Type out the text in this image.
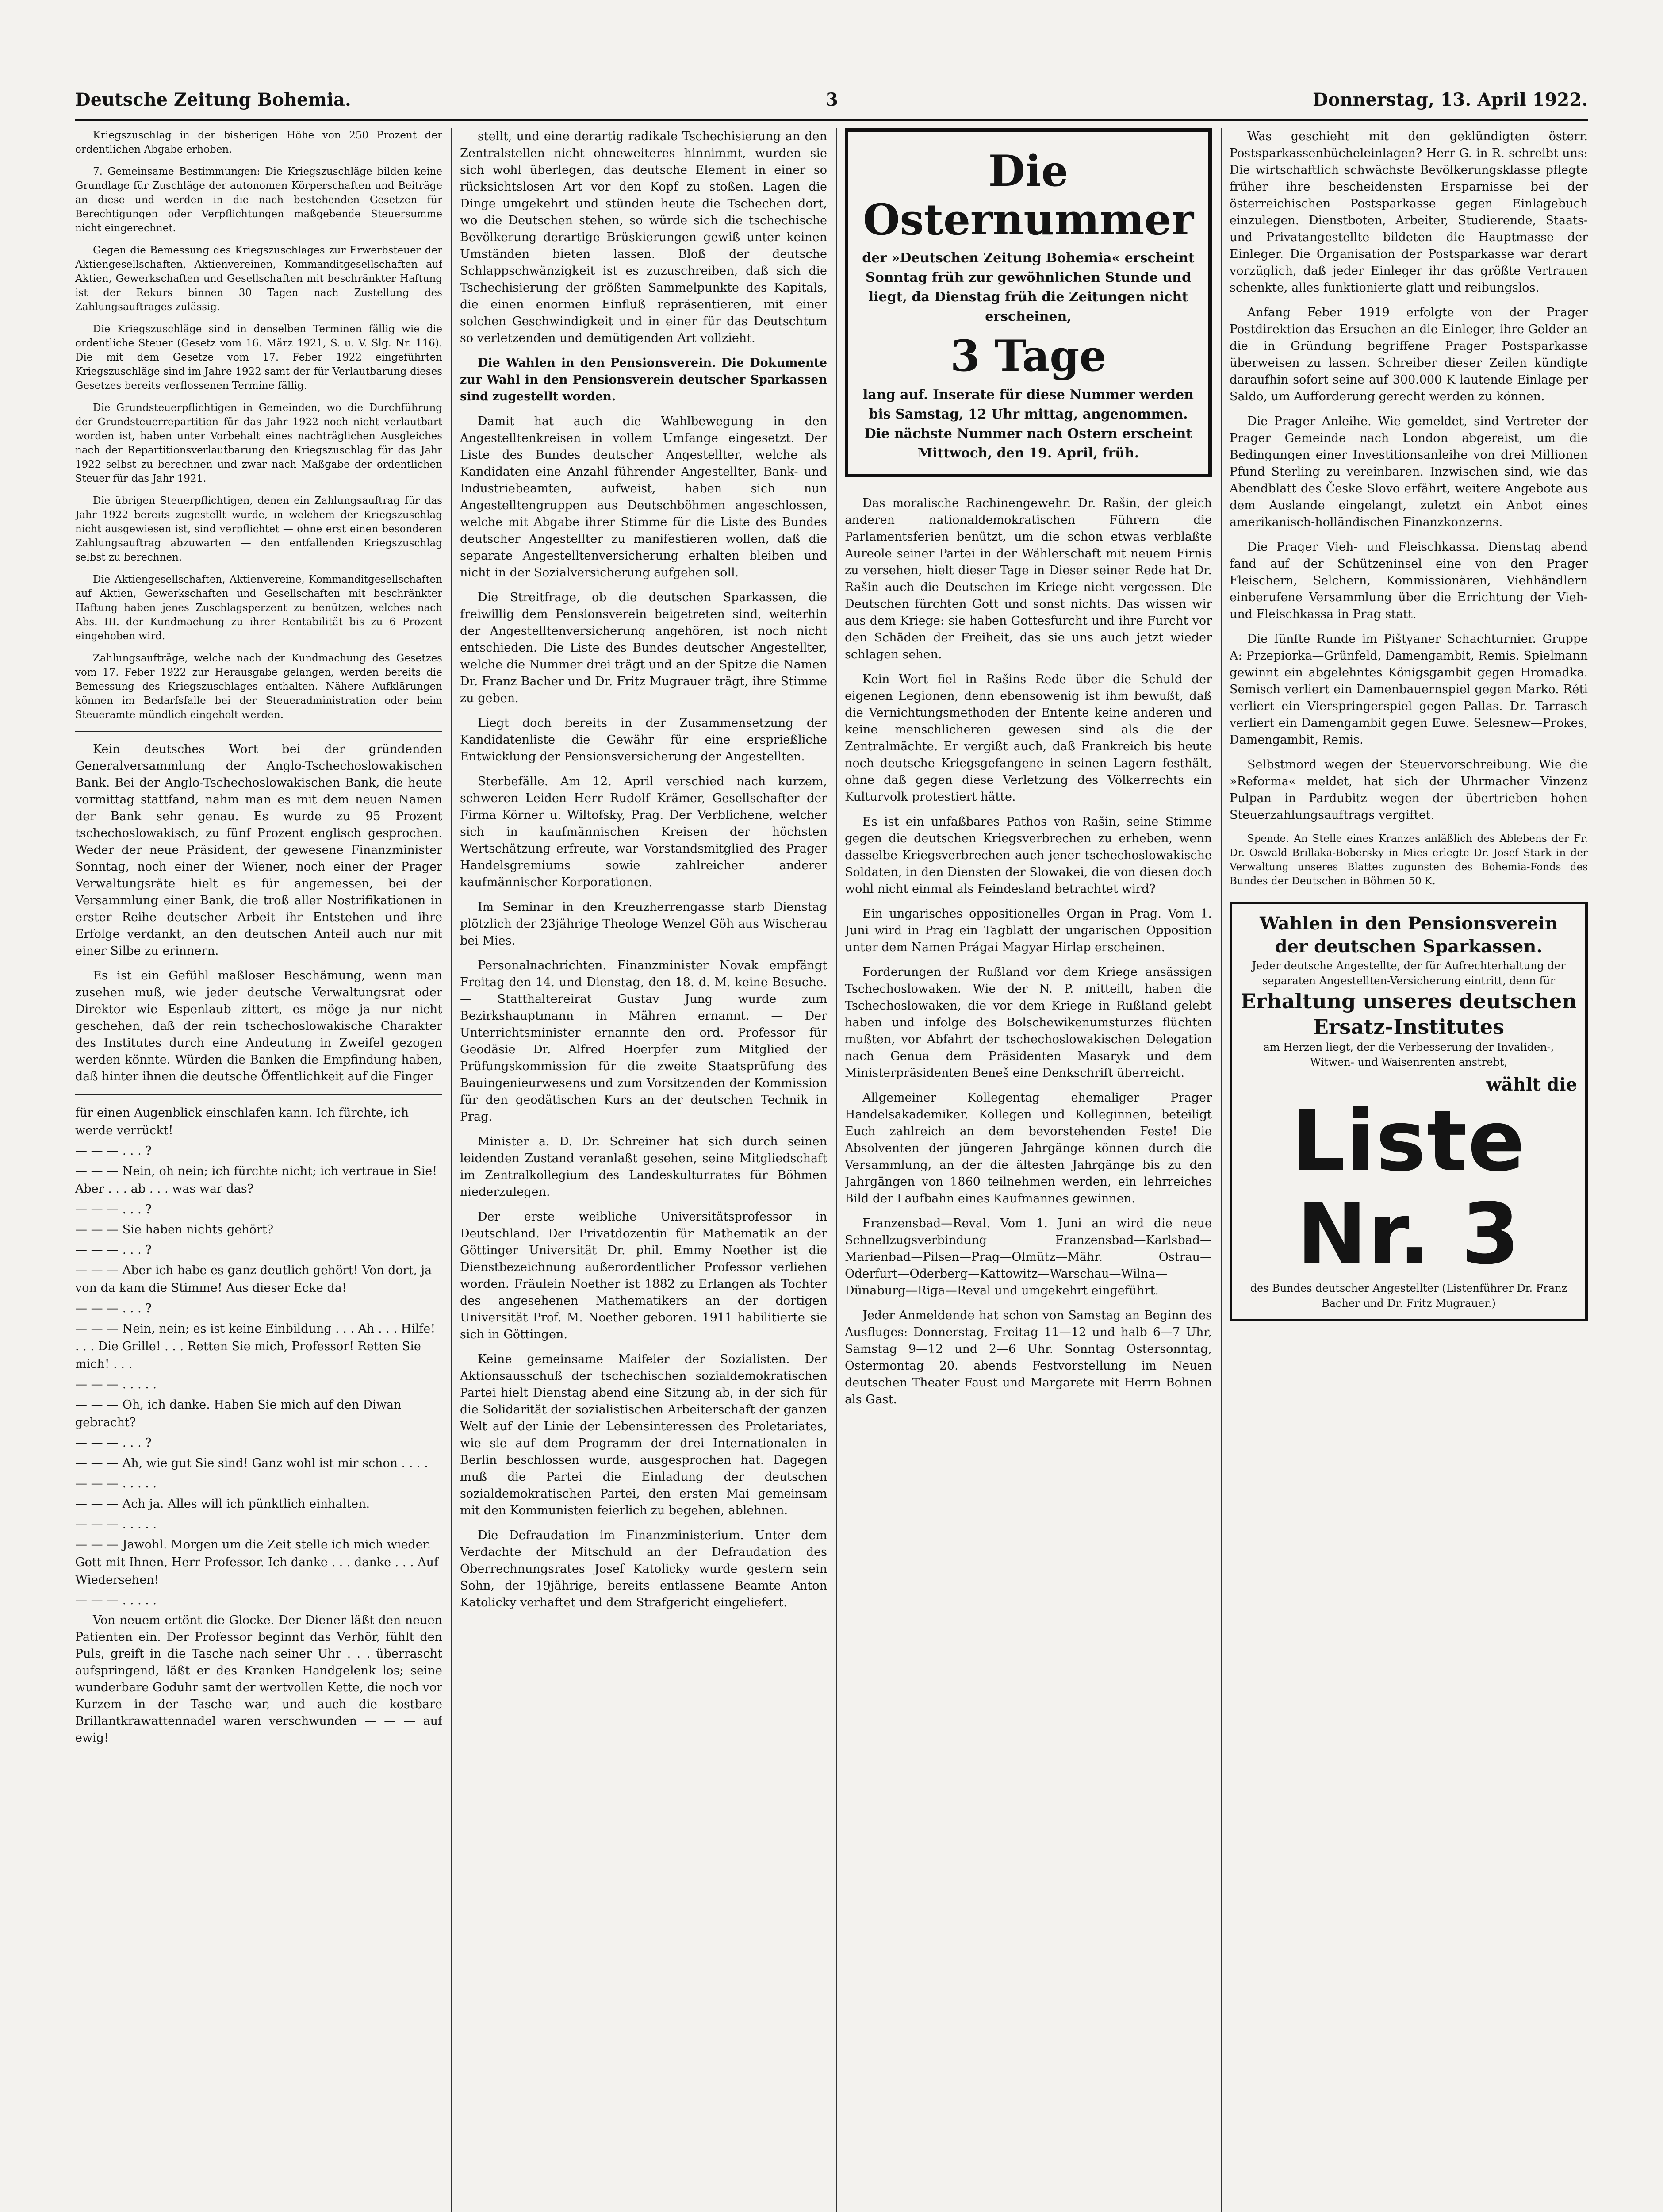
Deutsche Zeitung Bohemia.	3	Donnerstag, 13. April 1922.

Kriegszuschlag in der bisherigen Höhe von 250 Prozent der ordentlichen Abgabe erhoben.

7. Gemeinsame Bestimmungen: Die Kriegszuschläge bilden keine Grundlage für Zuschläge der autonomen Körperschaften und Beiträge an diese und werden in die nach bestehenden Gesetzen für Berechtigungen oder Verpflichtungen maßgebende Steuersumme nicht eingerechnet.

Gegen die Bemessung des Kriegszuschlages zur Erwerbsteuer der Aktiengesellschaften, Aktienvereinen, Kommanditgesellschaften auf Aktien, Gewerkschaften und Gesellschaften mit beschränkter Haftung ist der Rekurs binnen 30 Tagen nach Zustellung des Zahlungsauftrages zulässig.

Die Kriegszuschläge sind in denselben Terminen fällig wie die ordentliche Steuer (Gesetz vom 16. März 1921, S. u. V. Slg. Nr. 116). Die mit dem Gesetze vom 17. Feber 1922 eingeführten Kriegszuschläge sind im Jahre 1922 samt der für Verlautbarung dieses Gesetzes bereits verflossenen Termine fällig.

Die Grundsteuerpflichtigen in Gemeinden, wo die Durchführung der Grundsteuerrepartition für das Jahr 1922 noch nicht verlautbart worden ist, haben unter Vorbehalt eines nachträglichen Ausgleiches nach der Repartitionsverlautbarung den Kriegszuschlag für das Jahr 1922 selbst zu berechnen und zwar nach Maßgabe der ordentlichen Steuer für das Jahr 1921.

Die übrigen Steuerpflichtigen, denen ein Zahlungsauftrag für das Jahr 1922 bereits zugestellt wurde, in welchem der Kriegszuschlag nicht ausgewiesen ist, sind verpflichtet — ohne erst einen besonderen Zahlungsauftrag abzuwarten — den entfallenden Kriegszuschlag selbst zu berechnen.

Die Aktiengesellschaften, Aktienvereine, Kommanditgesellschaften auf Aktien, Gewerkschaften und Gesellschaften mit beschränkter Haftung haben jenes Zuschlagsperzent zu benützen, welches nach Abs. III. der Kundmachung zu ihrer Rentabilität bis zu 6 Prozent eingehoben wird.

Zahlungsaufträge, welche nach der Kundmachung des Gesetzes vom 17. Feber 1922 zur Herausgabe gelangen, werden bereits die Bemessung des Kriegszuschlages enthalten. Nähere Aufklärungen können im Bedarfsfalle bei der Steueradministration oder beim Steueramte mündlich eingeholt werden.

Kein deutsches Wort bei der gründenden Generalversammlung der Anglo-Tschechoslowakischen Bank. Bei der Anglo-Tschechoslowakischen Bank, die heute vormittag stattfand, nahm man es mit dem neuen Namen der Bank sehr genau. Es wurde zu 95 Prozent tschechoslowakisch, zu fünf Prozent englisch gesprochen. Weder der neue Präsident, der gewesene Finanzminister Sonntag, noch einer der Wiener, noch einer der Prager Verwaltungsräte hielt es für angemessen, bei der Versammlung einer Bank, die troß aller Nostrifikationen in erster Reihe deutscher Arbeit ihr Entstehen und ihre Erfolge verdankt, an den deutschen Anteil auch nur mit einer Silbe zu erinnern.

Es ist ein Gefühl maßloser Beschämung, wenn man zusehen muß, wie jeder deutsche Verwaltungsrat oder Direktor wie Espenlaub zittert, es möge ja nur nicht geschehen, daß der rein tschechoslowakische Charakter des Institutes durch eine Andeutung in Zweifel gezogen werden könnte. Würden die Banken die Empfindung haben, daß hinter ihnen die deutsche Öffentlichkeit auf die Finger

für einen Augenblick einschlafen kann. Ich fürchte, ich werde verrückt!

— — — . . . ?

— — — Nein, oh nein; ich fürchte nicht; ich vertraue in Sie! Aber . . . ab . . . was war das?

— — — . . . ?

— — — Sie haben nichts gehört?

— — — . . . ?

— — — Aber ich habe es ganz deutlich gehört! Von dort, ja von da kam die Stimme! Aus dieser Ecke da!

— — — . . . ?

— — — Nein, nein; es ist keine Einbildung . . . Ah . . . Hilfe! . . . Die Grille! . . . Retten Sie mich, Professor! Retten Sie mich! . . .

— — — . . . . .

— — — Oh, ich danke. Haben Sie mich auf den Diwan gebracht?

— — — . . . ?

— — — Ah, wie gut Sie sind! Ganz wohl ist mir schon . . . .

— — — . . . . .

— — — Ach ja. Alles will ich pünktlich einhalten.

— — — . . . . .

— — — Jawohl. Morgen um die Zeit stelle ich mich wieder. Gott mit Ihnen, Herr Professor. Ich danke . . . danke . . . Auf Wiedersehen!

— — — . . . . .

Von neuem ertönt die Glocke. Der Diener läßt den neuen Patienten ein. Der Professor beginnt das Verhör, fühlt den Puls, greift in die Tasche nach seiner Uhr . . . überrascht aufspringend, läßt er des Kranken Handgelenk los; seine wunderbare Goduhr samt der wertvollen Kette, die noch vor Kurzem in der Tasche war, und auch die kostbare Brillantkrawattennadel waren verschwunden — — — auf ewig!

stellt, und eine derartig radikale Tschechisierung an den Zentralstellen nicht ohneweiteres hinnimmt, wurden sie sich wohl überlegen, das deutsche Element in einer so rücksichtslosen Art vor den Kopf zu stoßen. Lagen die Dinge umgekehrt und stünden heute die Tschechen dort, wo die Deutschen stehen, so würde sich die tschechische Bevölkerung derartige Brüskierungen gewiß unter keinen Umständen bieten lassen. Bloß der deutsche Schlappschwänzigkeit ist es zuzuschreiben, daß sich die Tschechisierung der größten Sammelpunkte des Kapitals, die einen enormen Einfluß repräsentieren, mit einer solchen Geschwindigkeit und in einer für das Deutschtum so verletzenden und demütigenden Art vollzieht.

Die Wahlen in den Pensionsverein. Die Dokumente zur Wahl in den Pensionsverein deutscher Sparkassen sind zugestellt worden.

Damit hat auch die Wahlbewegung in den Angestelltenkreisen in vollem Umfange eingesetzt. Der Liste des Bundes deutscher Angestellter, welche als Kandidaten eine Anzahl führender Angestellter, Bank- und Industriebeamten, aufweist, haben sich nun Angestelltengruppen aus Deutschböhmen angeschlossen, welche mit Abgabe ihrer Stimme für die Liste des Bundes deutscher Angestellter zu manifestieren wollen, daß die separate Angestelltenversicherung erhalten bleiben und nicht in der Sozialversicherung aufgehen soll.

Die Streitfrage, ob die deutschen Sparkassen, die freiwillig dem Pensionsverein beigetreten sind, weiterhin der Angestelltenversicherung angehören, ist noch nicht entschieden. Die Liste des Bundes deutscher Angestellter, welche die Nummer drei trägt und an der Spitze die Namen Dr. Franz Bacher und Dr. Fritz Mugrauer trägt, ihre Stimme zu geben.

Liegt doch bereits in der Zusammensetzung der Kandidatenliste die Gewähr für eine ersprießliche Entwicklung der Pensionsversicherung der Angestellten.

Sterbefälle. Am 12. April verschied nach kurzem, schweren Leiden Herr Rudolf Krämer, Gesellschafter der Firma Körner u. Wiltofsky, Prag. Der Verblichene, welcher sich in kaufmännischen Kreisen der höchsten Wertschätzung erfreute, war Vorstandsmitglied des Prager Handelsgremiums sowie zahlreicher anderer kaufmännischer Korporationen.

Im Seminar in den Kreuzherrengasse starb Dienstag plötzlich der 23jährige Theologe Wenzel Göh aus Wischerau bei Mies.

Personalnachrichten. Finanzminister Novak empfängt Freitag den 14. und Dienstag, den 18. d. M. keine Besuche. — Statthaltereirat Gustav Jung wurde zum Bezirkshauptmann in Mähren ernannt. — Der Unterrichtsminister ernannte den ord. Professor für Geodäsie Dr. Alfred Hoerpfer zum Mitglied der Prüfungskommission für die zweite Staatsprüfung des Bauingenieurwesens und zum Vorsitzenden der Kommission für den geodätischen Kurs an der deutschen Technik in Prag.

Minister a. D. Dr. Schreiner hat sich durch seinen leidenden Zustand veranlaßt gesehen, seine Mitgliedschaft im Zentralkollegium des Landeskulturrates für Böhmen niederzulegen.

Der erste weibliche Universitätsprofessor in Deutschland. Der Privatdozentin für Mathematik an der Göttinger Universität Dr. phil. Emmy Noether ist die Dienstbezeichnung außerordentlicher Professor verliehen worden. Fräulein Noether ist 1882 zu Erlangen als Tochter des angesehenen Mathematikers an der dortigen Universität Prof. M. Noether geboren. 1911 habilitierte sie sich in Göttingen.

Keine gemeinsame Maifeier der Sozialisten. Der Aktionsausschuß der tschechischen sozialdemokratischen Partei hielt Dienstag abend eine Sitzung ab, in der sich für die Solidarität der sozialistischen Arbeiterschaft der ganzen Welt auf der Linie der Lebensinteressen des Proletariates, wie sie auf dem Programm der drei Internationalen in Berlin beschlossen wurde, ausgesprochen hat. Dagegen muß die Partei die Einladung der deutschen sozialdemokratischen Partei, den ersten Mai gemeinsam mit den Kommunisten feierlich zu begehen, ablehnen.

Die Defraudation im Finanzministerium. Unter dem Verdachte der Mitschuld an der Defraudation des Oberrechnungsrates Josef Katolicky wurde gestern sein Sohn, der 19jährige, bereits entlassene Beamte Anton Katolicky verhaftet und dem Strafgericht eingeliefert.

Die Osternummer
der »Deutschen Zeitung Bohemia« erscheint Sonntag früh zur gewöhnlichen Stunde und liegt, da Dienstag früh die Zeitungen nicht erscheinen,
3 Tage
lang auf. Inserate für diese Nummer werden bis Samstag, 12 Uhr mittag, angenommen. Die nächste Nummer nach Ostern erscheint Mittwoch, den 19. April, früh.

Das moralische Rachinengewehr. Dr. Rašin, der gleich anderen nationaldemokratischen Führern die Parlamentsferien benützt, um die schon etwas verblaßte Aureole seiner Partei in der Wählerschaft mit neuem Firnis zu versehen, hielt dieser Tage in Dieser seiner Rede hat Dr. Rašin auch die Deutschen im Kriege nicht vergessen. Die Deutschen fürchten Gott und sonst nichts. Das wissen wir aus dem Kriege: sie haben Gottesfurcht und ihre Furcht vor den Schäden der Freiheit, das sie uns auch jetzt wieder schlagen sehen.

Kein Wort fiel in Rašins Rede über die Schuld der eigenen Legionen, denn ebensowenig ist ihm bewußt, daß die Vernichtungsmethoden der Entente keine anderen und keine menschlicheren gewesen sind als die der Zentralmächte. Er vergißt auch, daß Frankreich bis heute noch deutsche Kriegsgefangene in seinen Lagern festhält, ohne daß gegen diese Verletzung des Völkerrechts ein Kulturvolk protestiert hätte.

Es ist ein unfaßbares Pathos von Rašin, seine Stimme gegen die deutschen Kriegsverbrechen zu erheben, wenn dasselbe Kriegsverbrechen auch jener tschechoslowakische Soldaten, in den Diensten der Slowakei, die von diesen doch wohl nicht einmal als Feindesland betrachtet wird?

Ein ungarisches oppositionelles Organ in Prag. Vom 1. Juni wird in Prag ein Tagblatt der ungarischen Opposition unter dem Namen Prágai Magyar Hirlap erscheinen.

Forderungen der Rußland vor dem Kriege ansässigen Tschechoslowaken. Wie der N. P. mitteilt, haben die Tschechoslowaken, die vor dem Kriege in Rußland gelebt haben und infolge des Bolschewikenumsturzes flüchten mußten, vor Abfahrt der tschechoslowakischen Delegation nach Genua dem Präsidenten Masaryk und dem Ministerpräsidenten Beneš eine Denkschrift überreicht.

Allgemeiner Kollegentag ehemaliger Prager Handelsakademiker. Kollegen und Kolleginnen, beteiligt Euch zahlreich an dem bevorstehenden Feste! Die Absolventen der jüngeren Jahrgänge können durch die Versammlung, an der die ältesten Jahrgänge bis zu den Jahrgängen von 1860 teilnehmen werden, ein lehrreiches Bild der Laufbahn eines Kaufmannes gewinnen.

Franzensbad—Reval. Vom 1. Juni an wird die neue Schnellzugsverbindung Franzensbad—Karlsbad—Marienbad—Pilsen—Prag—Olmütz—Mähr. Ostrau—Oderfurt—Oderberg—Kattowitz—Warschau—Wilna—Dünaburg—Riga—Reval und umgekehrt eingeführt.

Jeder Anmeldende hat schon von Samstag an Beginn des Ausfluges: Donnerstag, Freitag 11—12 und halb 6—7 Uhr, Samstag 9—12 und 2—6 Uhr. Sonntag Ostersonntag, Ostermontag 20. abends Festvorstellung im Neuen deutschen Theater Faust und Margarete mit Herrn Bohnen als Gast.

Was geschieht mit den geklündigten österr. Postsparkassenbücheleinlagen? Herr G. in R. schreibt uns: Die wirtschaftlich schwächste Bevölkerungsklasse pflegte früher ihre bescheidensten Ersparnisse bei der österreichischen Postsparkasse gegen Einlagebuch einzulegen. Dienstboten, Arbeiter, Studierende, Staats- und Privatangestellte bildeten die Hauptmasse der Einleger. Die Organisation der Postsparkasse war derart vorzüglich, daß jeder Einleger ihr das größte Vertrauen schenkte, alles funktionierte glatt und reibungslos.

Anfang Feber 1919 erfolgte von der Prager Postdirektion das Ersuchen an die Einleger, ihre Gelder an die in Gründung begriffene Prager Postsparkasse überweisen zu lassen. Schreiber dieser Zeilen kündigte daraufhin sofort seine auf 300.000 K lautende Einlage per Saldo, um Aufforderung gerecht werden zu können.

Die Prager Anleihe. Wie gemeldet, sind Vertreter der Prager Gemeinde nach London abgereist, um die Bedingungen einer Investitionsanleihe von drei Millionen Pfund Sterling zu vereinbaren. Inzwischen sind, wie das Abendblatt des Česke Slovo erfährt, weitere Angebote aus dem Auslande eingelangt, zuletzt ein Anbot eines amerikanisch-holländischen Finanzkonzerns.

Die Prager Vieh- und Fleischkassa. Dienstag abend fand auf der Schützeninsel eine von den Prager Fleischern, Selchern, Kommissionären, Viehhändlern einberufene Versammlung über die Errichtung der Vieh- und Fleischkassa in Prag statt.

Die fünfte Runde im Pištyaner Schachturnier. Gruppe A: Przepiorka—Grünfeld, Damengambit, Remis. Spielmann gewinnt ein abgelehntes Königsgambit gegen Hromadka. Semisch verliert ein Damenbauernspiel gegen Marko. Réti verliert ein Vierspringerspiel gegen Pallas. Dr. Tarrasch verliert ein Damengambit gegen Euwe. Selesnew—Prokes, Damengambit, Remis.

Selbstmord wegen der Steuervorschreibung. Wie die »Reforma« meldet, hat sich der Uhrmacher Vinzenz Pulpan in Pardubitz wegen der übertrieben hohen Steuerzahlungsauftrags vergiftet.

Spende. An Stelle eines Kranzes anläßlich des Ablebens der Fr. Dr. Oswald Brillaka-Bobersky in Mies erlegte Dr. Josef Stark in der Verwaltung unseres Blattes zugunsten des Bohemia-Fonds des Bundes der Deutschen in Böhmen 50 K.

Wahlen in den Pensionsverein der deutschen Sparkassen.
Jeder deutsche Angestellte, der für Aufrechterhaltung der separaten Angestellten-Versicherung eintritt, denn für
Erhaltung unseres deutschen Ersatz-Institutes
am Herzen liegt, der die Verbesserung der Invaliden-, Witwen- und Waisenrenten anstrebt,
wählt die
Liste Nr. 3
des Bundes deutscher Angestellter (Listenführer Dr. Franz Bacher und Dr. Fritz Mugrauer.)
